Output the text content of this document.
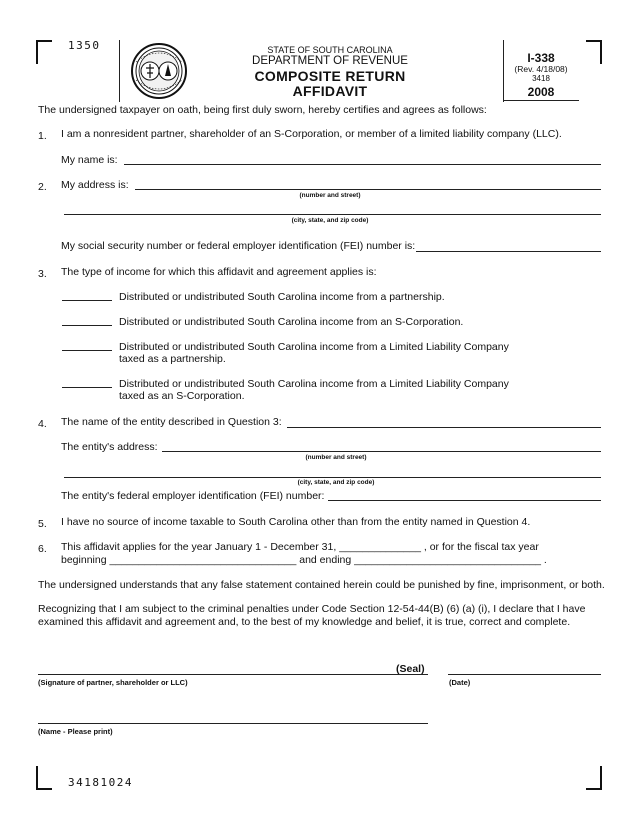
1350
34181024
STATE OF SOUTH CAROLINA
DEPARTMENT OF REVENUE
COMPOSITE RETURN
AFFIDAVIT
I-338
(Rev. 4/18/08)
3418
2008
The undersigned taxpayer on oath, being first duly sworn, hereby certifies and agrees as follows:
1. I am a nonresident partner, shareholder of an S-Corporation, or member of a limited liability company (LLC).
My name is:
2. My address is:
(number and street)
(city, state, and zip code)
My social security number or federal employer identification (FEI) number is:
3. The type of income for which this affidavit and agreement applies is:
Distributed or undistributed South Carolina income from a partnership.
Distributed or undistributed South Carolina income from an S-Corporation.
Distributed or undistributed South Carolina income from a Limited Liability Company
taxed as a partnership.
Distributed or undistributed South Carolina income from a Limited Liability Company
taxed as an S-Corporation.
4. The name of the entity described in Question 3:
The entity's address:
(number and street)
(city, state, and zip code)
The entity's federal employer identification (FEI) number:
5. I have no source of income taxable to South Carolina other than from the entity named in Question 4.
6. This affidavit applies for the year January 1 - December 31, ______________ , or for the fiscal tax year
beginning ________________________________ and ending ________________________________ .
The undersigned understands that any false statement contained herein could be punished by fine, imprisonment, or both.
Recognizing that I am subject to the criminal penalties under Code Section 12-54-44(B) (6) (a) (i), I declare that I have
examined this affidavit and agreement and, to the best of my knowledge and belief, it is true, correct and complete.
(Seal)
(Signature of partner, shareholder or LLC)	(Date)
(Name - Please print)
